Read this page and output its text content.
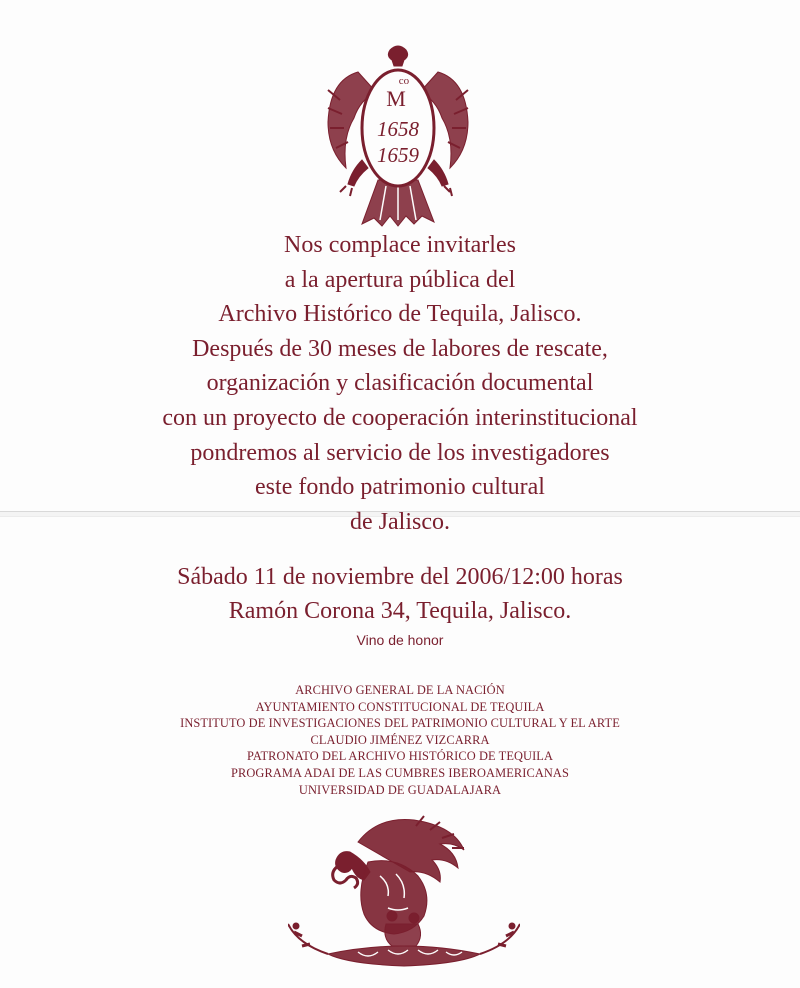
co
M
1658
1659
Nos complace invitarles
a la apertura pública del
Archivo Histórico de Tequila, Jalisco.
Después de 30 meses de labores de rescate,
organización y clasificación documental
con un proyecto de cooperación interinstitucional
pondremos al servicio de los investigadores
este fondo patrimonio cultural
de Jalisco.
Sábado 11 de noviembre del 2006/12:00 horas
Ramón Corona 34, Tequila, Jalisco.
Vino de honor
ARCHIVO GENERAL DE LA NACIÓN
AYUNTAMIENTO CONSTITUCIONAL DE TEQUILA
INSTITUTO DE INVESTIGACIONES DEL PATRIMONIO CULTURAL Y EL ARTE
CLAUDIO JIMÉNEZ VIZCARRA
PATRONATO DEL ARCHIVO HISTÓRICO DE TEQUILA
PROGRAMA ADAI DE LAS CUMBRES IBEROAMERICANAS
UNIVERSIDAD DE GUADALAJARA
